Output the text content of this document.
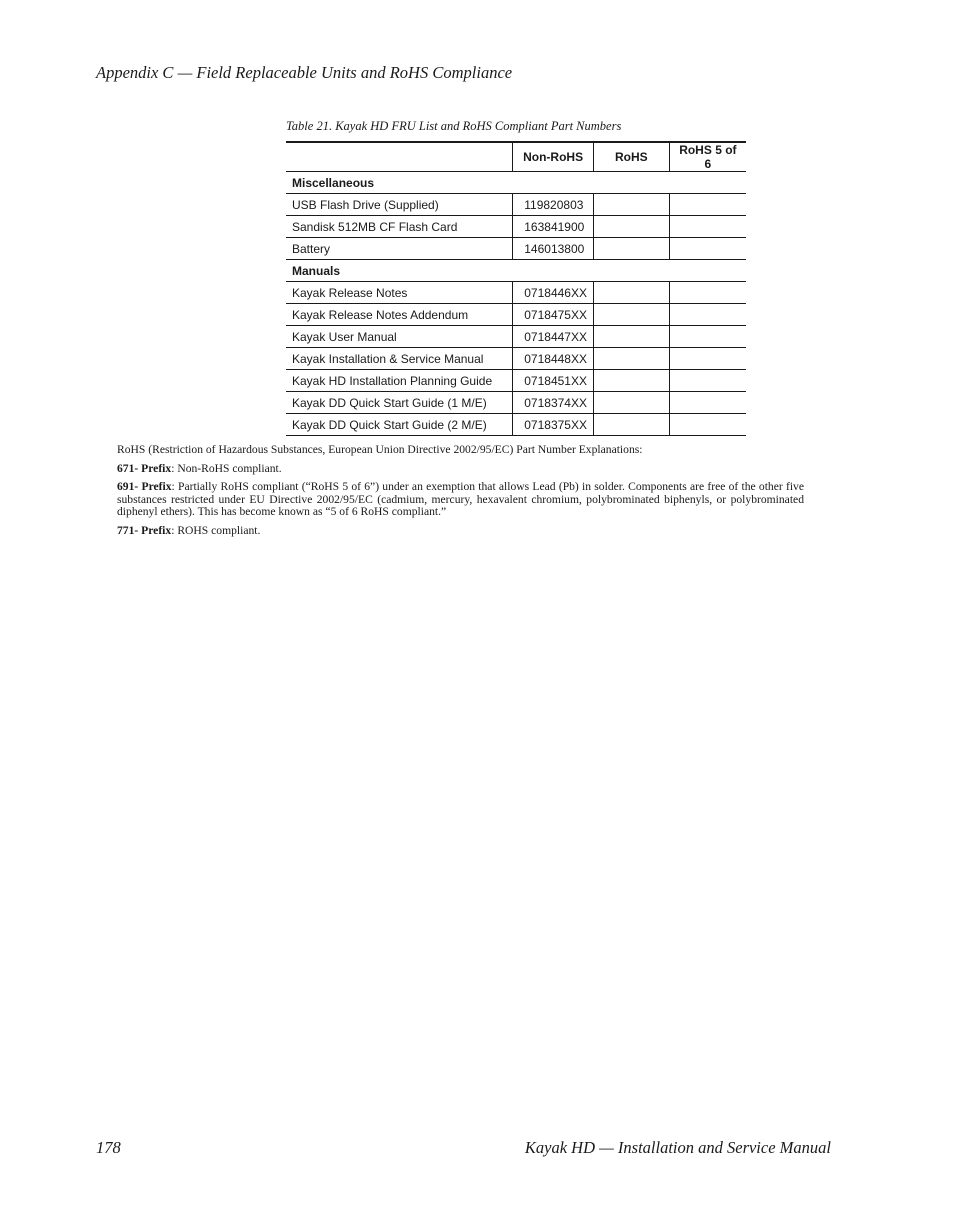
Appendix C — Field Replaceable Units and RoHS Compliance
Table 21. Kayak HD FRU List and RoHS Compliant Part Numbers
	Non-RoHS	RoHS	RoHS 5 of 6
Miscellaneous			
USB Flash Drive (Supplied)	119820803		
Sandisk 512MB CF Flash Card	163841900		
Battery	146013800		
Manuals			
Kayak Release Notes	0718446XX		
Kayak Release Notes Addendum	0718475XX		
Kayak User Manual	0718447XX		
Kayak Installation & Service Manual	0718448XX		
Kayak HD Installation Planning Guide	0718451XX		
Kayak DD Quick Start Guide (1 M/E)	0718374XX		
Kayak DD Quick Start Guide (2 M/E)	0718375XX		

RoHS (Restriction of Hazardous Substances, European Union Directive 2002/95/EC) Part Number Explanations:

671- Prefix: Non-RoHS compliant.

691- Prefix: Partially RoHS compliant (“RoHS 5 of 6”) under an exemption that allows Lead (Pb) in solder. Components are free of the other five substances restricted under EU Directive 2002/95/EC (cadmium, mercury, hexavalent chromium, polybrominated biphenyls, or polybrominated diphenyl ethers). This has become known as “5 of 6 RoHS compliant.”

771- Prefix: ROHS compliant.

178	Kayak HD — Installation and Service Manual
